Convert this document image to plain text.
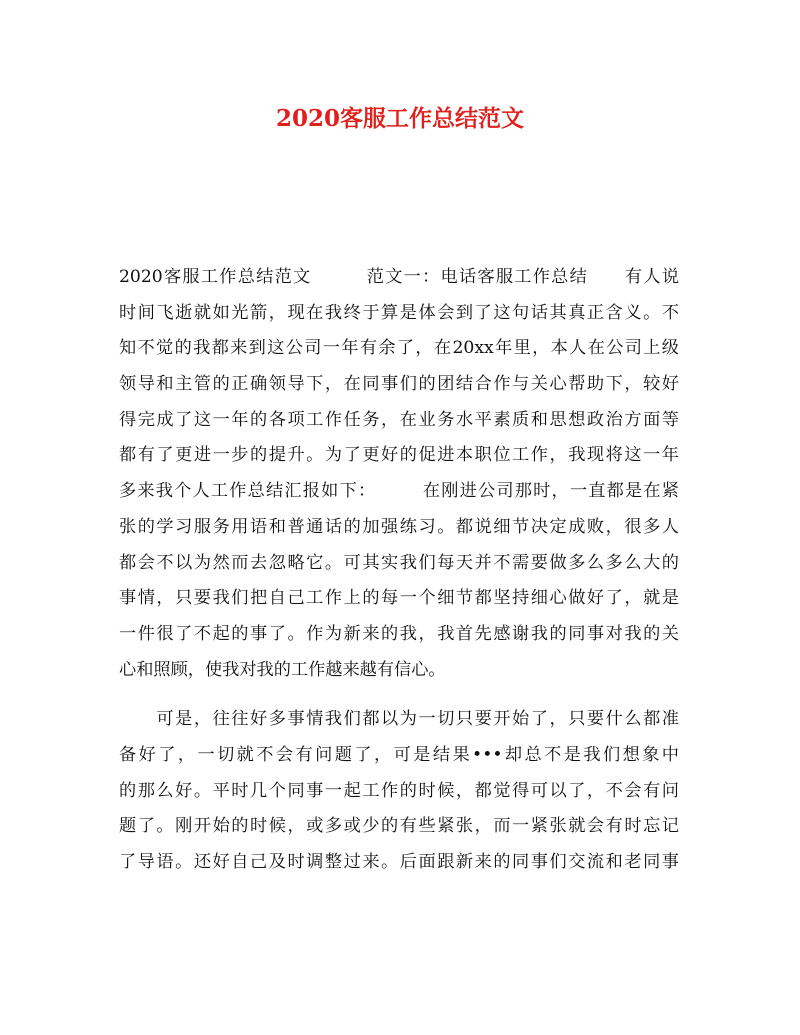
2020客服工作总结范文
2020客服工作总结范文　　　范文一：电话客服工作总结　　有人说
时间飞逝就如光箭，现在我终于算是体会到了这句话其真正含义。不
知不觉的我都来到这公司一年有余了，在20xx年里，本人在公司上级
领导和主管的正确领导下，在同事们的团结合作与关心帮助下，较好
得完成了这一年的各项工作任务，在业务水平素质和思想政治方面等
都有了更进一步的提升。为了更好的促进本职位工作，我现将这一年
多来我个人工作总结汇报如下：　　　在刚进公司那时，一直都是在紧
张的学习服务用语和普通话的加强练习。都说细节决定成败，很多人
都会不以为然而去忽略它。可其实我们每天并不需要做多么多么大的
事情，只要我们把自己工作上的每一个细节都坚持细心做好了，就是
一件很了不起的事了。作为新来的我，我首先感谢我的同事对我的关
心和照顾，使我对我的工作越来越有信心。
　　可是，往往好多事情我们都以为一切只要开始了，只要什么都准
备好了，一切就不会有问题了，可是结果•••却总不是我们想象中
的那么好。平时几个同事一起工作的时候，都觉得可以了，不会有问
题了。刚开始的时候，或多或少的有些紧张，而一紧张就会有时忘记
了导语。还好自己及时调整过来。后面跟新来的同事们交流和老同事
